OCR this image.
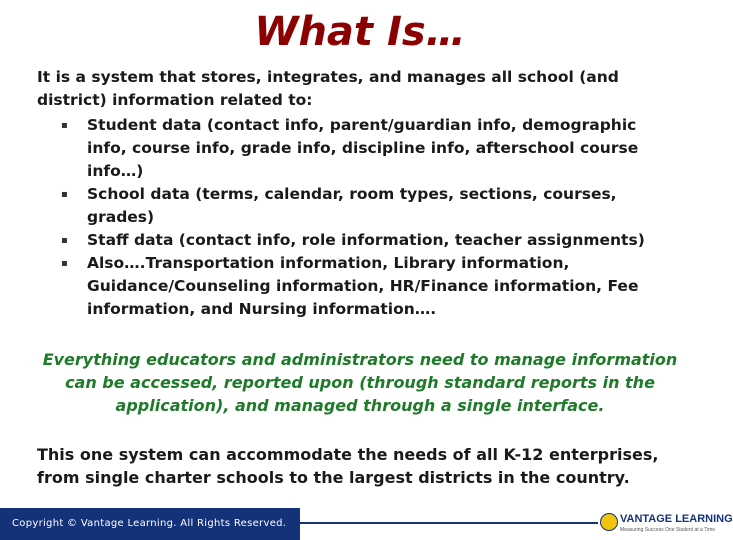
What Is…

It is a system that stores, integrates, and manages all school (and district) information related to:

▪ Student data (contact info, parent/guardian info, demographic info, course info, grade info, discipline info, afterschool course info…)
▪ School data (terms, calendar, room types, sections, courses, grades)
▪ Staff data (contact info, role information, teacher assignments)
▪ Also….Transportation information, Library information, Guidance/Counseling information, HR/Finance information, Fee information, and Nursing information….
Everything educators and administrators need to manage information can be accessed, reported upon (through standard reports in the application), and managed through a single interface.
This one system can accommodate the needs of all K-12 enterprises, from single charter schools to the largest districts in the country.
Copyright © Vantage Learning. All Rights Reserved.	VANTAGE LEARNING
Measuring Success One Student at a Time
